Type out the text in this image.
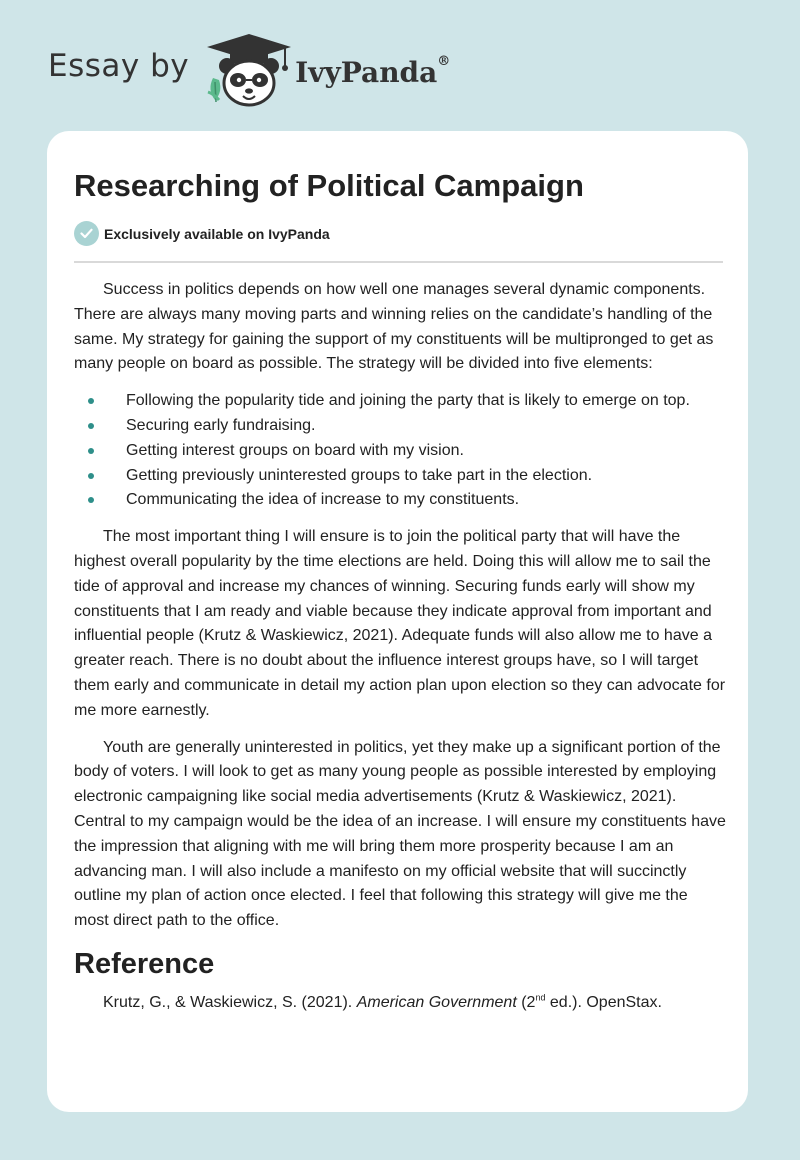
Essay by	IvyPanda®
Researching of Political Campaign
Exclusively available on IvyPanda

Success in politics depends on how well one manages several dynamic components. There are always many moving parts and winning relies on the candidate’s handling of the same. My strategy for gaining the support of my constituents will be multipronged to get as many people on board as possible. The strategy will be divided into five elements:

Following the popularity tide and joining the party that is likely to emerge on top.
Securing early fundraising.
Getting interest groups on board with my vision.
Getting previously uninterested groups to take part in the election.
Communicating the idea of increase to my constituents.

The most important thing I will ensure is to join the political party that will have the highest overall popularity by the time elections are held. Doing this will allow me to sail the tide of approval and increase my chances of winning. Securing funds early will show my constituents that I am ready and viable because they indicate approval from important and influential people (Krutz & Waskiewicz, 2021). Adequate funds will also allow me to have a greater reach. There is no doubt about the influence interest groups have, so I will target them early and communicate in detail my action plan upon election so they can advocate for me more earnestly.

Youth are generally uninterested in politics, yet they make up a significant portion of the body of voters. I will look to get as many young people as possible interested by employing electronic campaigning like social media advertisements (Krutz & Waskiewicz, 2021). Central to my campaign would be the idea of an increase. I will ensure my constituents have the impression that aligning with me will bring them more prosperity because I am an advancing man. I will also include a manifesto on my official website that will succinctly outline my plan of action once elected. I feel that following this strategy will give me the most direct path to the office.

Reference

Krutz, G., & Waskiewicz, S. (2021). American Government (2nd ed.). OpenStax.
